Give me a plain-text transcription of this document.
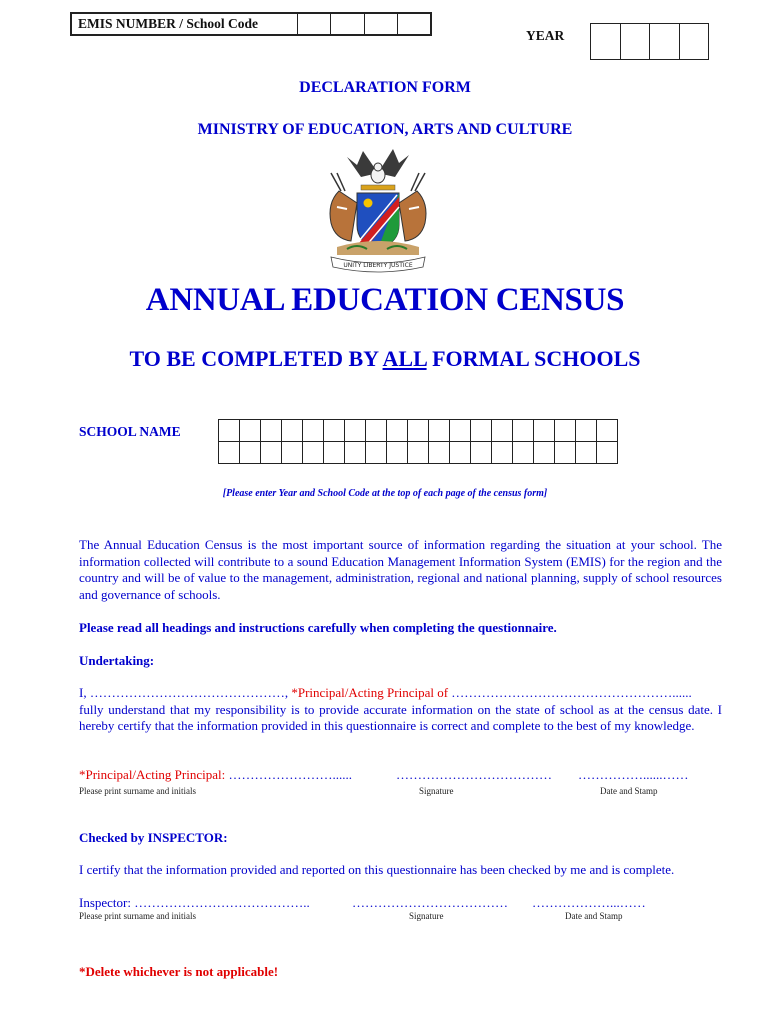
EMIS NUMBER / School Code
YEAR
DECLARATION FORM
MINISTRY OF EDUCATION, ARTS AND CULTURE
UNITY LIBERTY JUSTICE
ANNUAL EDUCATION CENSUS
TO BE COMPLETED BY ALL FORMAL SCHOOLS
SCHOOL NAME

[Please enter Year and School Code at the top of each page of the census form]
The Annual Education Census is the most important source of information regarding the situation at your school. The information collected will contribute to a sound Education Management Information System (EMIS) for the region and the country and will be of value to the management, administration, regional and national planning, supply of school resources and governance of schools.
Please read all headings and instructions carefully when completing the questionnaire.
Undertaking:
I, ………………………………………, *Principal/Acting Principal of ……………………………………………......

fully understand that my responsibility is to provide accurate information on the state of school as at the census date. I hereby certify that the information provided in this questionnaire is correct and complete to the best of my knowledge.
*Principal/Acting Principal: ……………………......	……………………………… ……………......……
Please print surname and initials	Signature	Date and Stamp
Checked by INSPECTOR:
I certify that the information provided and reported on this questionnaire has been checked by me and is complete.
Inspector: …………………………………..	……………………………… ………………...……
Please print surname and initials	Signature	Date and Stamp
*Delete whichever is not applicable!
